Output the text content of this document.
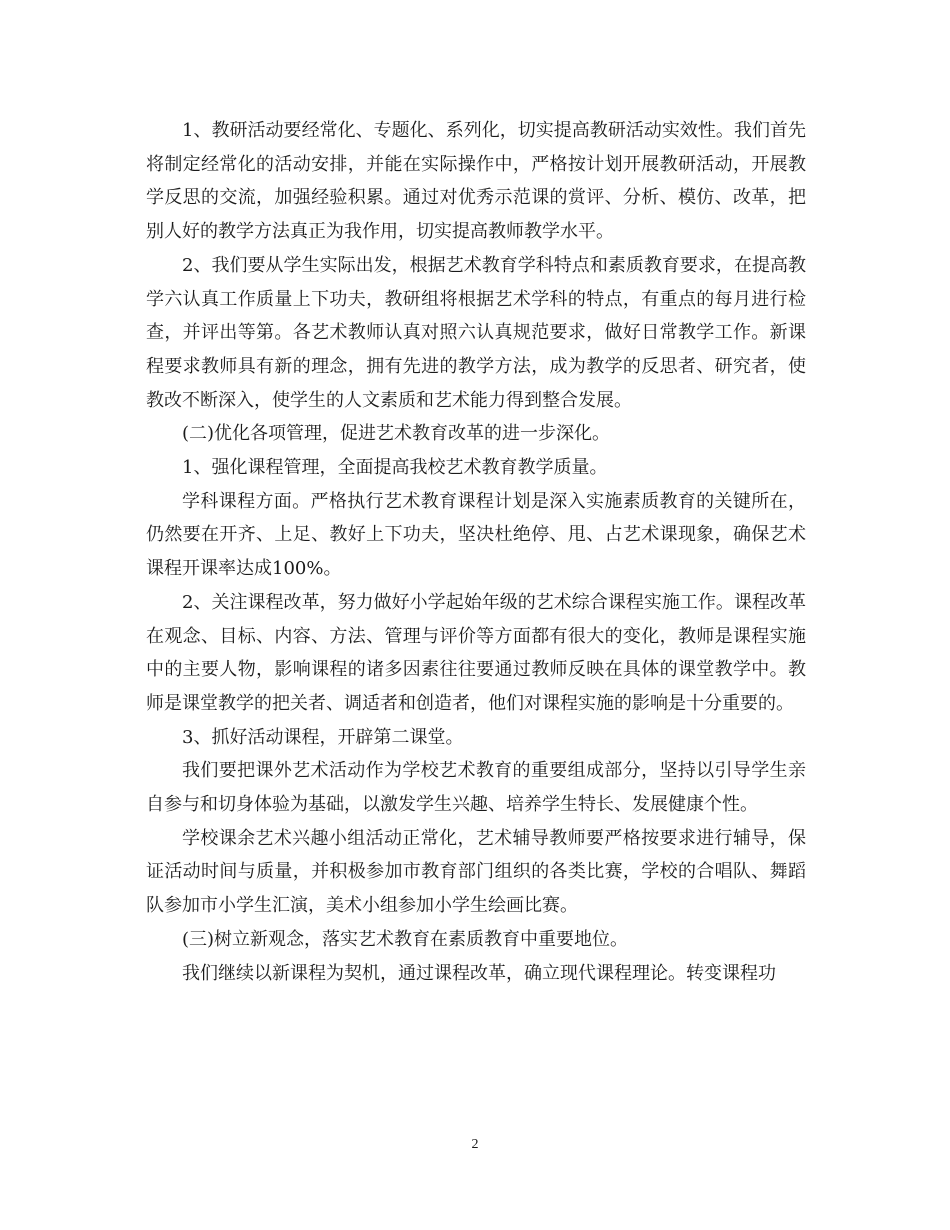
1、教研活动要经常化、专题化、系列化，切实提高教研活动实效性。我们首先将制定经常化的活动安排，并能在实际操作中，严格按计划开展教研活动，开展教学反思的交流，加强经验积累。通过对优秀示范课的赏评、分析、模仿、改革，把别人好的教学方法真正为我作用，切实提高教师教学水平。

2、我们要从学生实际出发，根据艺术教育学科特点和素质教育要求，在提高教学六认真工作质量上下功夫，教研组将根据艺术学科的特点，有重点的每月进行检查，并评出等第。各艺术教师认真对照六认真规范要求，做好日常教学工作。新课程要求教师具有新的理念，拥有先进的教学方法，成为教学的反思者、研究者，使教改不断深入，使学生的人文素质和艺术能力得到整合发展。

(二)优化各项管理，促进艺术教育改革的进一步深化。

1、强化课程管理，全面提高我校艺术教育教学质量。

学科课程方面。严格执行艺术教育课程计划是深入实施素质教育的关键所在，仍然要在开齐、上足、教好上下功夫，坚决杜绝停、甩、占艺术课现象，确保艺术课程开课率达成100%。

2、关注课程改革，努力做好小学起始年级的艺术综合课程实施工作。课程改革在观念、目标、内容、方法、管理与评价等方面都有很大的变化，教师是课程实施中的主要人物，影响课程的诸多因素往往要通过教师反映在具体的课堂教学中。教师是课堂教学的把关者、调适者和创造者，他们对课程实施的影响是十分重要的。

3、抓好活动课程，开辟第二课堂。

我们要把课外艺术活动作为学校艺术教育的重要组成部分，坚持以引导学生亲自参与和切身体验为基础，以激发学生兴趣、培养学生特长、发展健康个性。

学校课余艺术兴趣小组活动正常化，艺术辅导教师要严格按要求进行辅导，保证活动时间与质量，并积极参加市教育部门组织的各类比赛，学校的合唱队、舞蹈队参加市小学生汇演，美术小组参加小学生绘画比赛。

(三)树立新观念，落实艺术教育在素质教育中重要地位。

我们继续以新课程为契机，通过课程改革，确立现代课程理论。转变课程功

2
